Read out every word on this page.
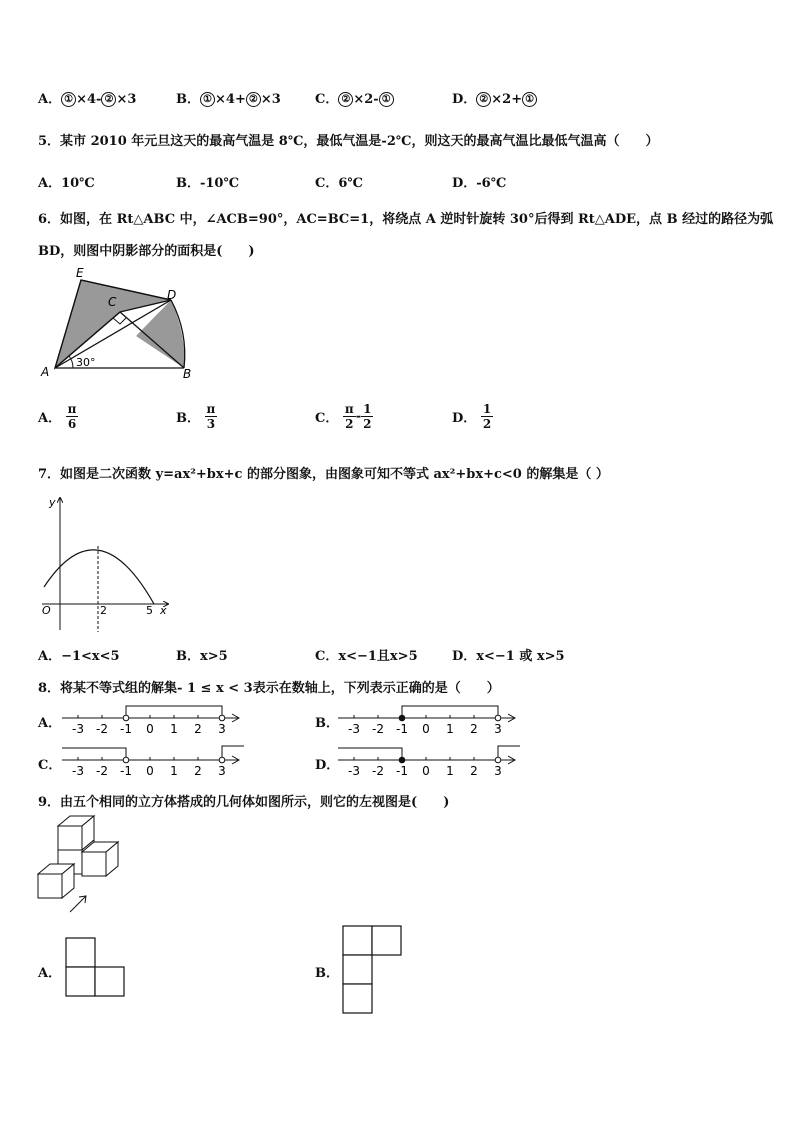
A． ① ×4- ② ×3	B． ① ×4+ ② ×3	C． ② ×2- ①	D． ② ×2+ ①
5．某市 2010 年元旦这天的最高气温是 8℃，最低气温是-2℃，则这天的最高气温比最低气温高（　　）
A．10℃	B．-10℃	C．6℃	D．-6℃
6．如图，在 Rt△ABC 中，∠ACB=90°，AC=BC=1，将绕点 A 逆时针旋转 30°后得到 Rt△ADE，点 B 经过的路径为弧
BD，则图中阴影部分的面积是(　　)
30°
E
C	D
A	B
A． $\frac{\pi}{6}$	B． $\frac{\pi}{3}$	C． $\frac{\pi}{2} - \frac{1}{2}$	D． $\frac{1}{2}$
7．如图是二次函数 y=ax²+bx+c 的部分图象，由图象可知不等式 ax²+bx+c<0 的解集是（ ）
y
O	2	5 x
A．−1<x<5	B．x>5	C．x<−1且x>5	D．x<−1 或 x>5
8．将某不等式组的解集- 1 ≤ x < 3表示在数轴上，下列表示正确的是（　　）
A．	B．
C．	D．
-3 -2 -1 0 1 2 3	-3 -2 -1 0 1 2 3
-3 -2 -1 0 1 2 3	-3 -2 -1 0 1 2 3
9．由五个相同的立方体搭成的几何体如图所示，则它的左视图是(　　)
A．	B．
